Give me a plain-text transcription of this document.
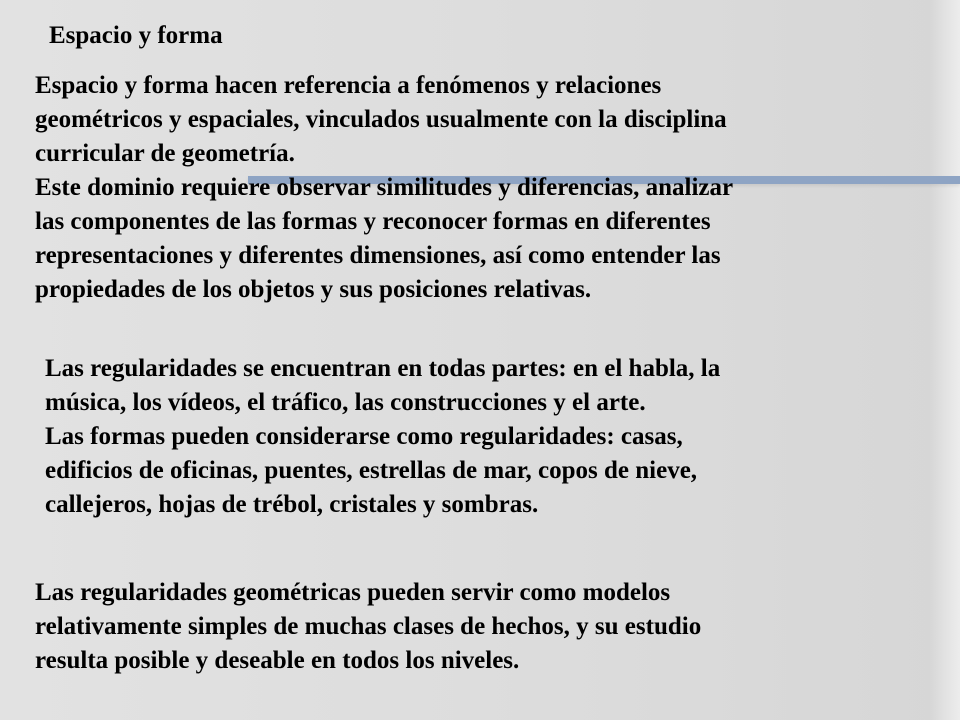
Espacio y forma
Espacio y forma hacen referencia a fenómenos y relaciones
geométricos y espaciales, vinculados usualmente con la disciplina
curricular de geometría.
Este dominio requiere observar similitudes y diferencias, analizar
las componentes de las formas y reconocer formas en diferentes
representaciones y diferentes dimensiones, así como entender las
propiedades de los objetos y sus posiciones relativas.
Las regularidades se encuentran en todas partes: en el habla, la
música, los vídeos, el tráfico, las construcciones y el arte.
Las formas pueden considerarse como regularidades: casas,
edificios de oficinas, puentes, estrellas de mar, copos de nieve,
callejeros, hojas de trébol, cristales y sombras.
Las regularidades geométricas pueden servir como modelos
relativamente simples de muchas clases de hechos, y su estudio
resulta posible y deseable en todos los niveles.
